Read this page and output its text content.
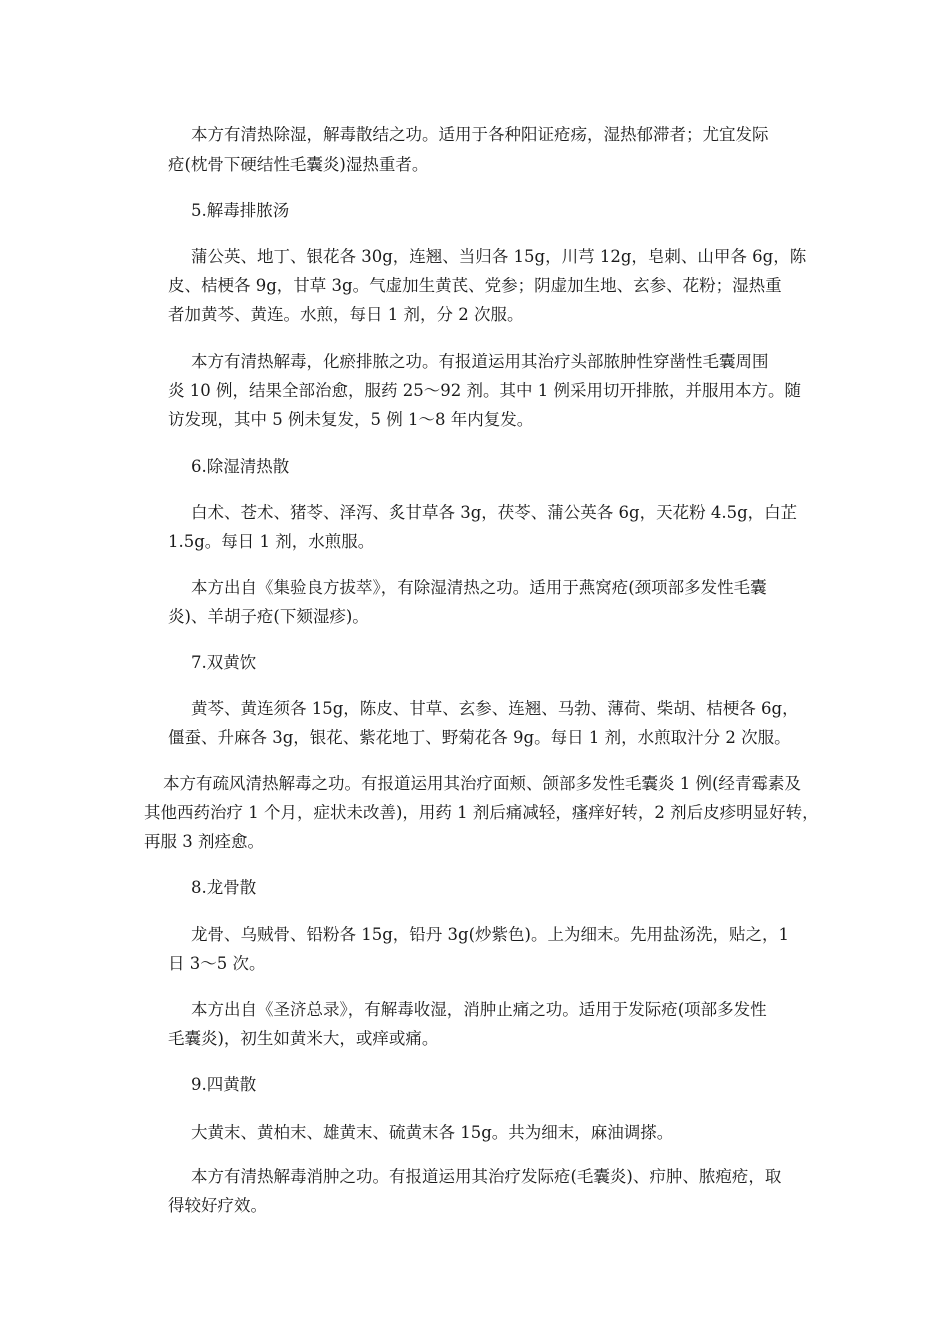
本方有清热除湿，解毒散结之功。适用于各种阳证疮疡，湿热郁滞者；尤宜发际
疮(枕骨下硬结性毛囊炎)湿热重者。
5.解毒排脓汤
蒲公英、地丁、银花各 30g，连翘、当归各 15g，川芎 12g，皂刺、山甲各 6g，陈
皮、桔梗各 9g，甘草 3g。气虚加生黄芪、党参；阴虚加生地、玄参、花粉；湿热重
者加黄芩、黄连。水煎，每日 1 剂，分 2 次服。
本方有清热解毒，化瘀排脓之功。有报道运用其治疗头部脓肿性穿凿性毛囊周围
炎 10 例，结果全部治愈，服药 25～92 剂。其中 1 例采用切开排脓，并服用本方。随
访发现，其中 5 例未复发，5 例 1～8 年内复发。
6.除湿清热散
白术、苍术、猪苓、泽泻、炙甘草各 3g，茯苓、蒲公英各 6g，天花粉 4.5g，白芷
1.5g。每日 1 剂，水煎服。
本方出自《集验良方拔萃》，有除湿清热之功。适用于燕窝疮(颈项部多发性毛囊
炎)、羊胡子疮(下颏湿疹)。
7.双黄饮
黄芩、黄连须各 15g，陈皮、甘草、玄参、连翘、马勃、薄荷、柴胡、桔梗各 6g，
僵蚕、升麻各 3g，银花、紫花地丁、野菊花各 9g。每日 1 剂，水煎取汁分 2 次服。
本方有疏风清热解毒之功。有报道运用其治疗面颊、颌部多发性毛囊炎 1 例(经青霉素及
其他西药治疗 1 个月，症状未改善)，用药 1 剂后痛减轻，瘙痒好转，2 剂后皮疹明显好转，
再服 3 剂痊愈。
8.龙骨散
龙骨、乌贼骨、铅粉各 15g，铅丹 3g(炒紫色)。上为细末。先用盐汤洗，贴之，1
日 3～5 次。
本方出自《圣济总录》，有解毒收湿，消肿止痛之功。适用于发际疮(项部多发性
毛囊炎)，初生如黄米大，或痒或痛。
9.四黄散
大黄末、黄柏末、雄黄末、硫黄末各 15g。共为细末，麻油调搽。
本方有清热解毒消肿之功。有报道运用其治疗发际疮(毛囊炎)、疖肿、脓疱疮，取
得较好疗效。
